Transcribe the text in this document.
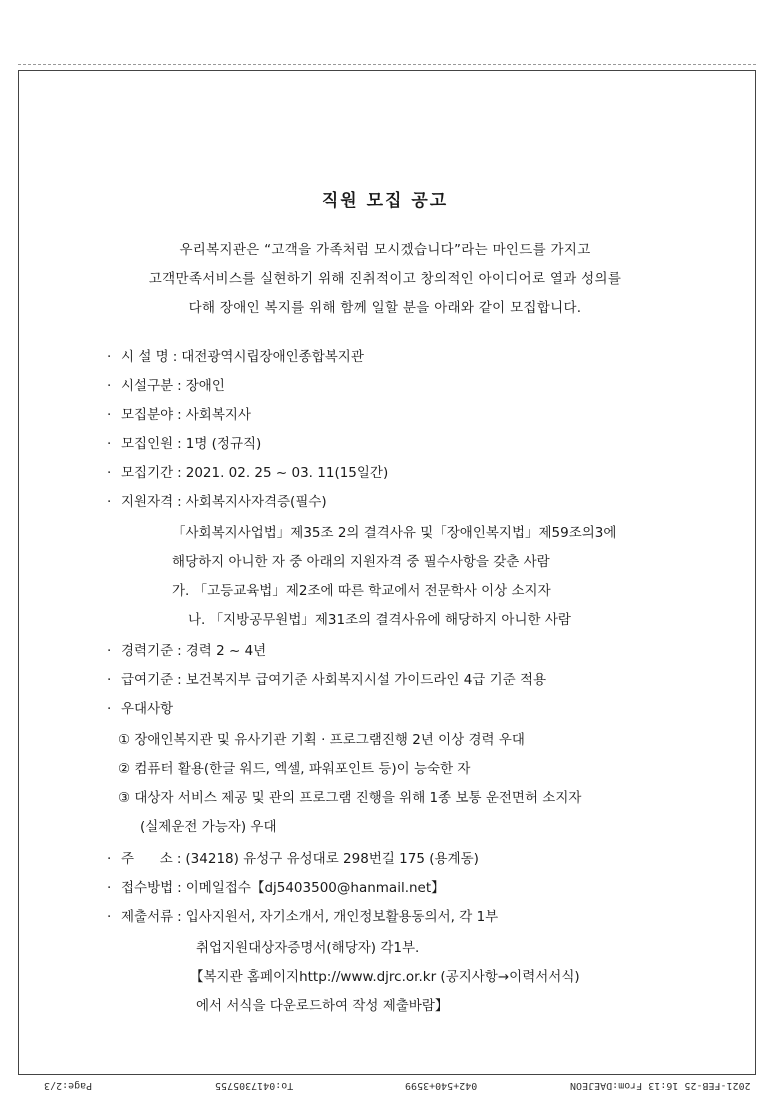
직원 모집 공고
우리복지관은 “고객을 가족처럼 모시겠습니다”라는 마인드를 가지고
고객만족서비스를 실현하기 위해 진취적이고 창의적인 아이디어로 열과 성의를
다해 장애인 복지를 위해 함께 일할 분을 아래와 같이 모집합니다.
· 시 설 명 : 대전광역시립장애인종합복지관
· 시설구분 : 장애인
· 모집분야 : 사회복지사
· 모집인원 : 1명 (정규직)
· 모집기간 : 2021. 02. 25 ~ 03. 11(15일간)
· 지원자격 : 사회복지사자격증(필수)
「사회복지사업법」제35조 2의 결격사유 및「장애인복지법」제59조의3에
해당하지 아니한 자 중 아래의 지원자격 중 필수사항을 갖춘 사람
가. 「고등교육법」제2조에 따른 학교에서 전문학사 이상 소지자
나. 「지방공무원법」제31조의 결격사유에 해당하지 아니한 사람
· 경력기준 : 경력 2 ~ 4년
· 급여기준 : 보건복지부 급여기준 사회복지시설 가이드라인 4급 기준 적용
· 우대사항
① 장애인복지관 및 유사기관 기획 · 프로그램진행 2년 이상 경력 우대
② 컴퓨터 활용(한글 워드, 엑셀, 파워포인트 등)이 능숙한 자
③ 대상자 서비스 제공 및 관의 프로그램 진행을 위해 1종 보통 운전면허 소지자
(실제운전 가능자) 우대
· 주      소 : (34218) 유성구 유성대로 298번길 175 (용계동)
· 접수방법 : 이메일접수【dj5403500@hanmail.net】
· 제출서류 : 입사지원서, 자기소개서, 개인정보활용동의서, 각 1부
취업지원대상자증명서(해당자) 각1부.
【복지관 홈페이지http://www.djrc.or.kr (공지사항→이력서서식)
에서 서식을 다운로드하여 작성 제출바람】
2021-FEB-25 16:13 From:DAEJEON
042+540+3599
To:0417305755
Page:2/3
